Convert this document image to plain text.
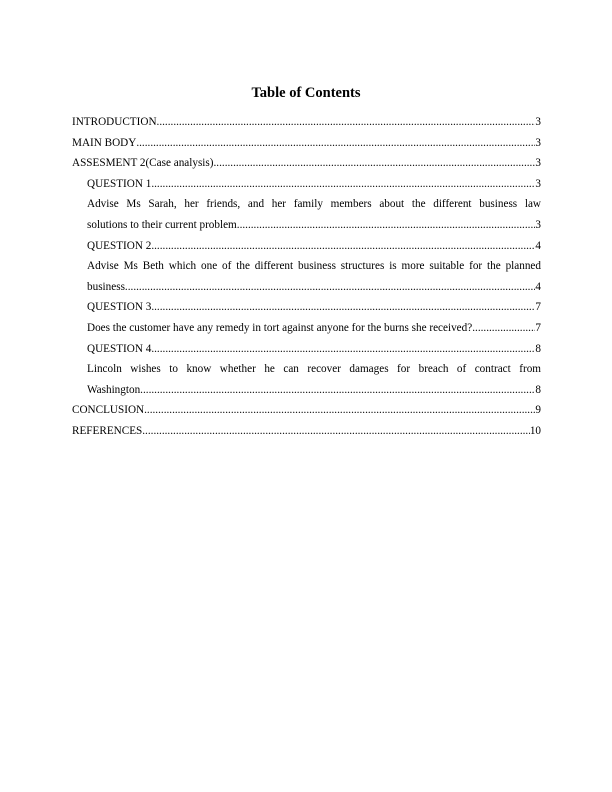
Table of Contents
INTRODUCTION .....	3
MAIN BODY .....	3
ASSESMENT 2(Case analysis) .....	3
QUESTION 1 .....	3
Advise Ms Sarah, her friends, and her family members about the different business law
solutions to their current problem. .....	3
QUESTION 2 .....	4
Advise Ms Beth which one of the different business structures is more suitable for the planned
business. .....	4
QUESTION 3 .....	7
Does the customer have any remedy in tort against anyone for the burns she received? .....	7
QUESTION 4 .....	8
Lincoln wishes to know whether he can recover damages for breach of contract from
Washington .....	8
CONCLUSION .....	9
REFERENCES .....	10
